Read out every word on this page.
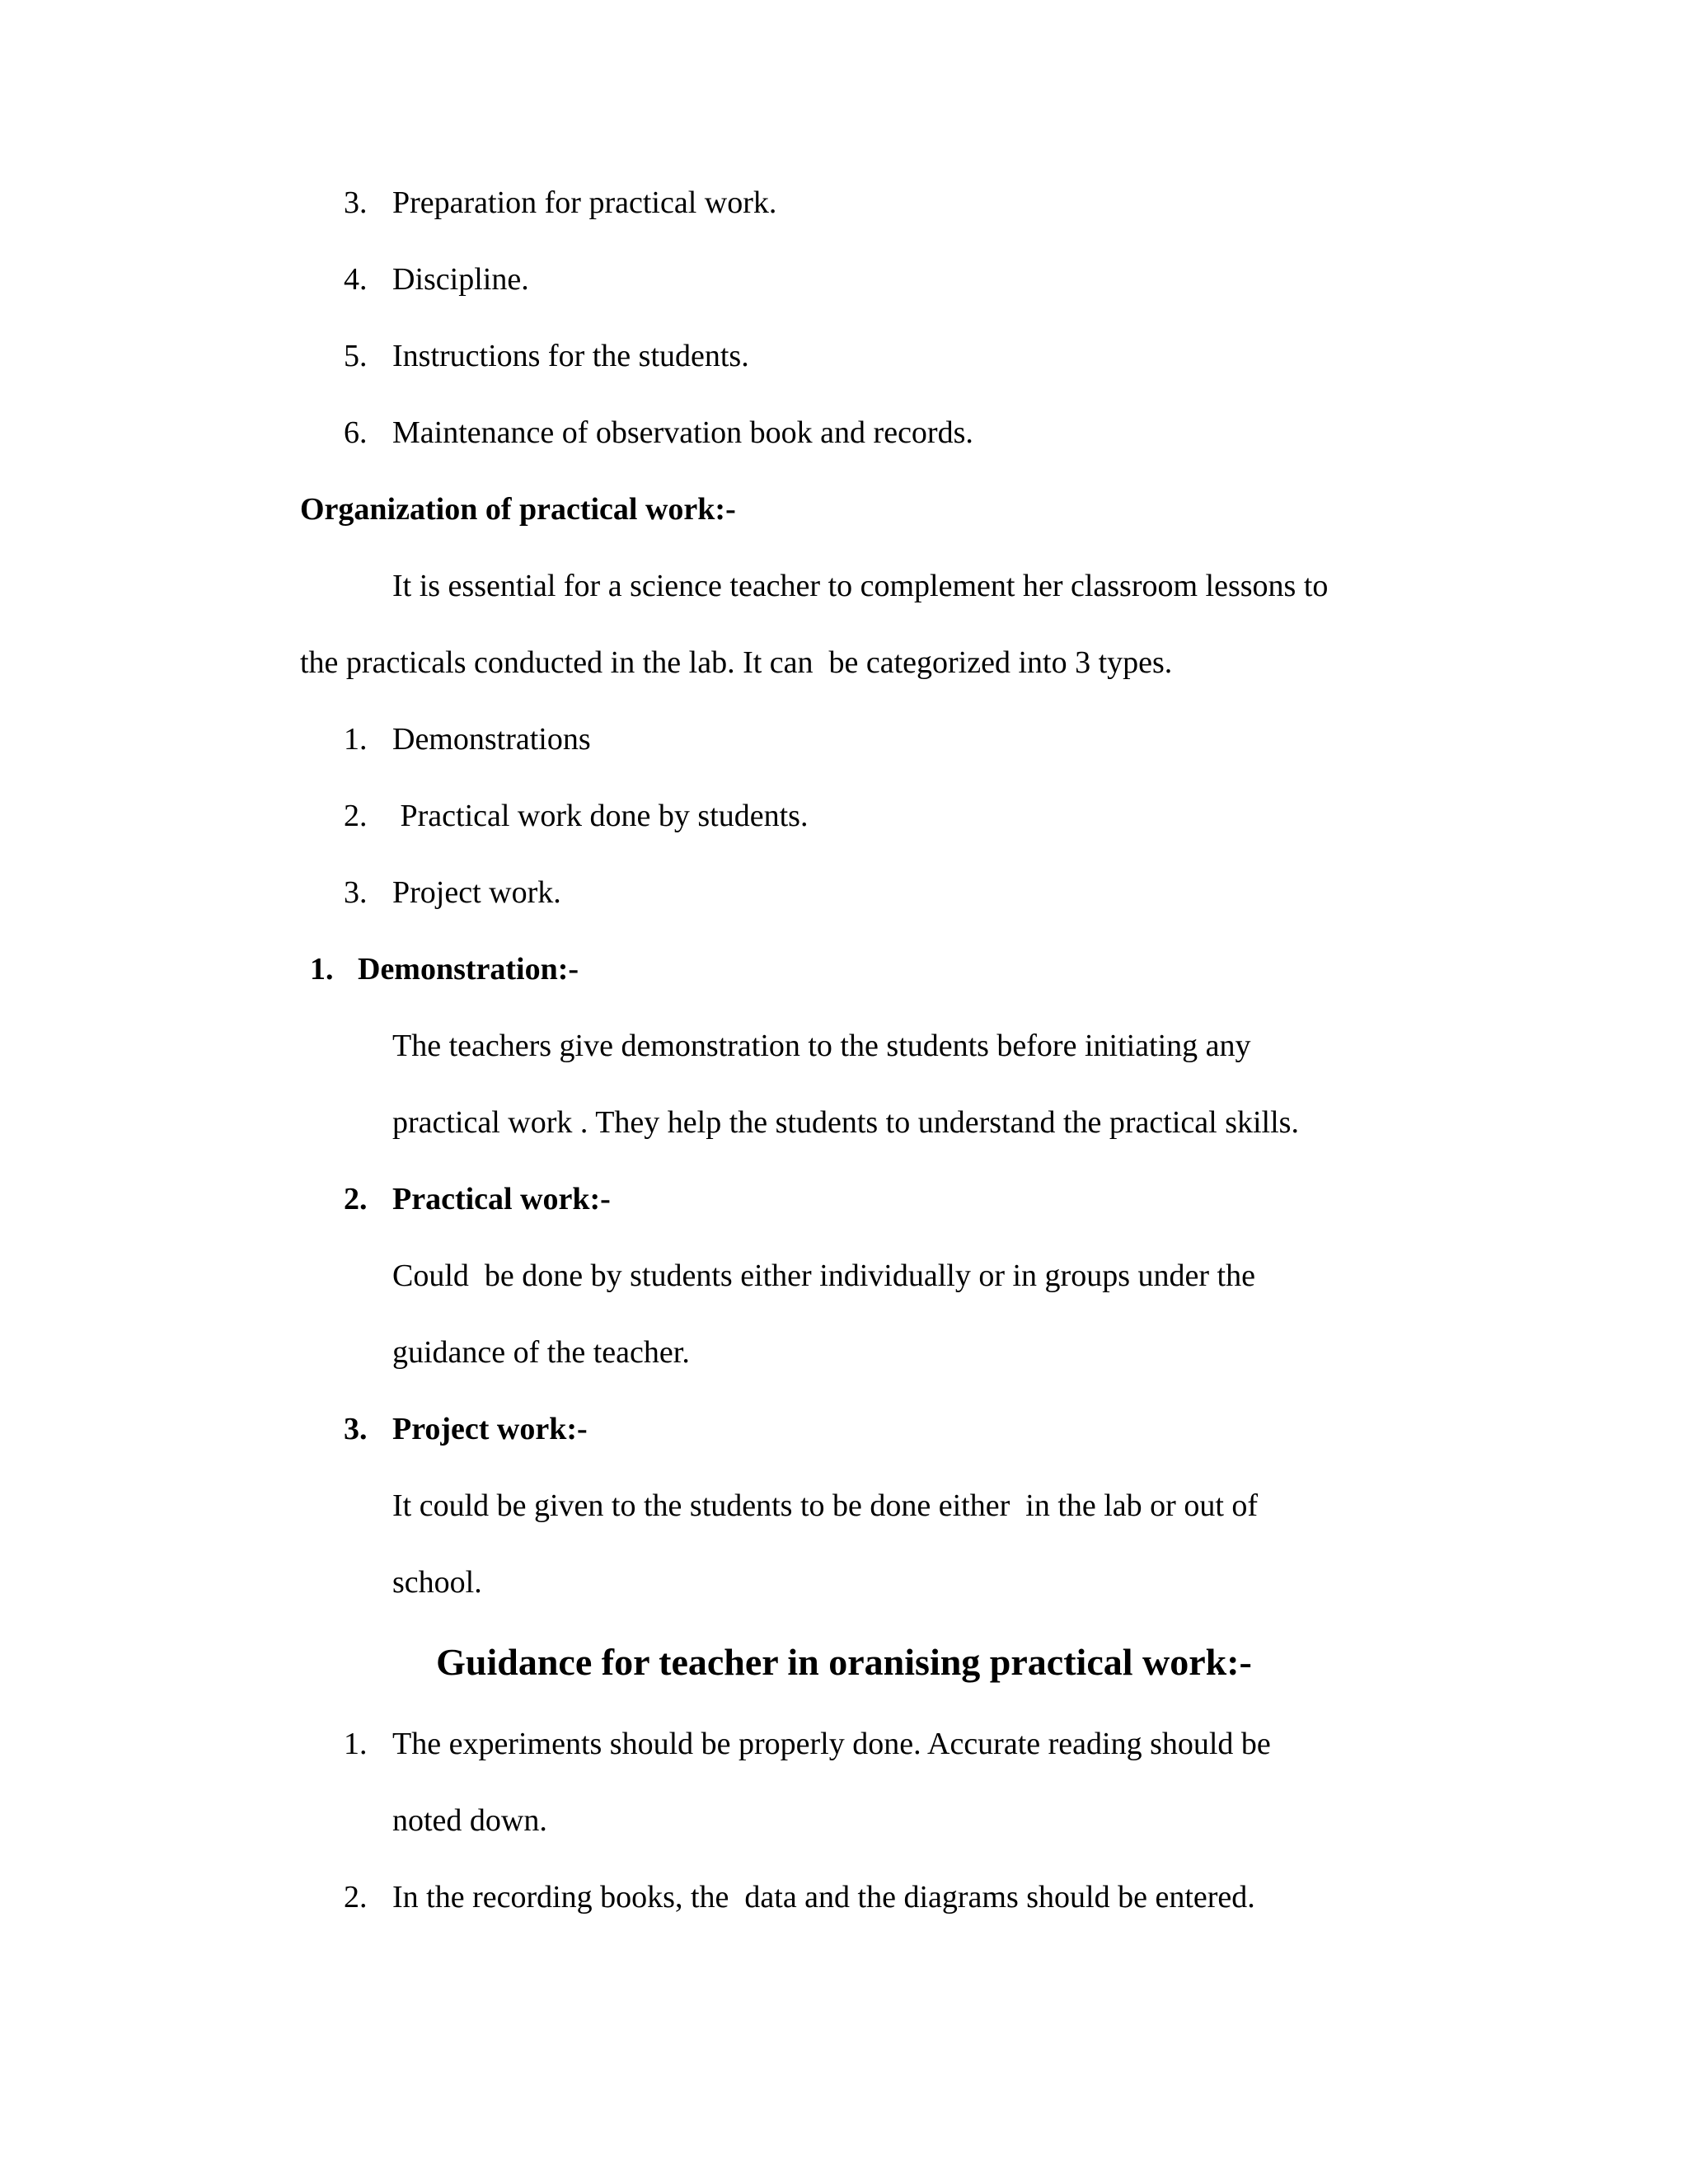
3. Preparation for practical work.
4. Discipline.
5. Instructions for the students.
6. Maintenance of observation book and records.
Organization of practical work:-
It is essential for a science teacher to complement her classroom lessons to
the practicals conducted in the lab. It can  be categorized into 3 types.
1. Demonstrations
2. Practical work done by students.
3. Project work.
1. Demonstration:-
The teachers give demonstration to the students before initiating any
practical work . They help the students to understand the practical skills.
2. Practical work:-
Could  be done by students either individually or in groups under the
guidance of the teacher.
3. Project work:-
It could be given to the students to be done either  in the lab or out of
school.
Guidance for teacher in oranising practical work:-
1. The experiments should be properly done. Accurate reading should be
noted down.
2. In the recording books, the  data and the diagrams should be entered.
